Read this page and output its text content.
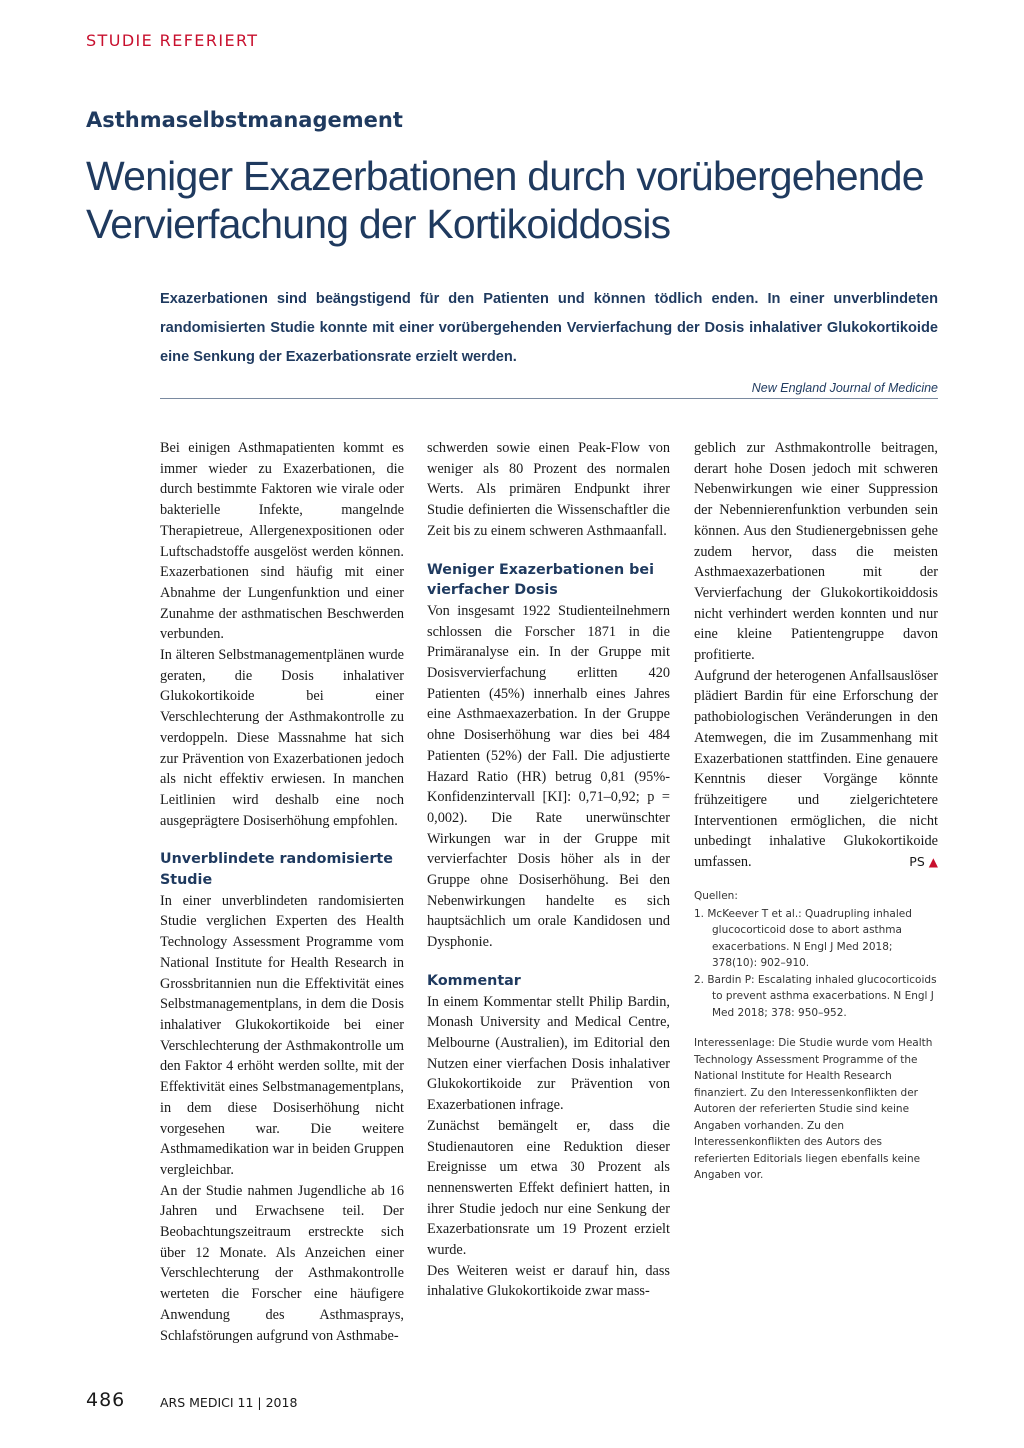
STUDIE REFERIERT
Asthmaselbstmanagement
Weniger Exazerbationen durch vorübergehende Vervierfachung der Kortikoiddosis
Exazerbationen sind beängstigend für den Patienten und können tödlich enden. In einer unverblindeten randomisierten Studie konnte mit einer vorübergehenden Vervierfachung der Dosis inhalativer Glukokortikoide eine Senkung der Exazerbationsrate erzielt werden.
New England Journal of Medicine

Bei einigen Asthmapatienten kommt es immer wieder zu Exazerbationen, die durch bestimmte Faktoren wie virale oder bakterielle Infekte, mangelnde Therapietreue, Allergenexpositionen oder Luftschadstoffe ausgelöst werden können. Exazerbationen sind häufig mit einer Abnahme der Lungenfunktion und einer Zunahme der asthmatischen Beschwerden verbunden.

In älteren Selbstmanagementplänen wurde geraten, die Dosis inhalativer Glukokortikoide bei einer Verschlechterung der Asthmakontrolle zu verdoppeln. Diese Massnahme hat sich zur Prävention von Exazerbationen jedoch als nicht effektiv erwiesen. In manchen Leitlinien wird deshalb eine noch ausgeprägtere Dosiserhöhung empfohlen.

Unverblindete randomisierte Studie

In einer unverblindeten randomisierten Studie verglichen Experten des Health Technology Assessment Programme vom National Institute for Health Research in Grossbritannien nun die Effektivität eines Selbstmanagementplans, in dem die Dosis inhalativer Glukokortikoide bei einer Verschlechterung der Asthmakontrolle um den Faktor 4 erhöht werden sollte, mit der Effektivität eines Selbstmanagementplans, in dem diese Dosiserhöhung nicht vorgesehen war. Die weitere Asthmamedikation war in beiden Gruppen vergleichbar.

An der Studie nahmen Jugendliche ab 16 Jahren und Erwachsene teil. Der Beobachtungszeitraum erstreckte sich über 12 Monate. Als Anzeichen einer Verschlechterung der Asthmakontrolle werteten die Forscher eine häufigere Anwendung des Asthmasprays, Schlafstörungen aufgrund von Asthmabe-

schwerden sowie einen Peak-Flow von weniger als 80 Prozent des normalen Werts. Als primären Endpunkt ihrer Studie definierten die Wissenschaftler die Zeit bis zu einem schweren Asthmaanfall.

Weniger Exazerbationen bei vierfacher Dosis

Von insgesamt 1922 Studienteilnehmern schlossen die Forscher 1871 in die Primäranalyse ein. In der Gruppe mit Dosisvervierfachung erlitten 420 Patienten (45%) innerhalb eines Jahres eine Asthmaexazerbation. In der Gruppe ohne Dosiserhöhung war dies bei 484 Patienten (52%) der Fall. Die adjustierte Hazard Ratio (HR) betrug 0,81 (95%-Konfidenzintervall [KI]: 0,71–0,92; p = 0,002). Die Rate unerwünschter Wirkungen war in der Gruppe mit vervierfachter Dosis höher als in der Gruppe ohne Dosiserhöhung. Bei den Nebenwirkungen handelte es sich hauptsächlich um orale Kandidosen und Dysphonie.

Kommentar

In einem Kommentar stellt Philip Bardin, Monash University and Medical Centre, Melbourne (Australien), im Editorial den Nutzen einer vierfachen Dosis inhalativer Glukokortikoide zur Prävention von Exazerbationen infrage.

Zunächst bemängelt er, dass die Studienautoren eine Reduktion dieser Ereignisse um etwa 30 Prozent als nennenswerten Effekt definiert hatten, in ihrer Studie jedoch nur eine Senkung der Exazerbationsrate um 19 Prozent erzielt wurde.

Des Weiteren weist er darauf hin, dass inhalative Glukokortikoide zwar mass-

geblich zur Asthmakontrolle beitragen, derart hohe Dosen jedoch mit schweren Nebenwirkungen wie einer Suppression der Nebennierenfunktion verbunden sein können. Aus den Studienergebnissen gehe zudem hervor, dass die meisten Asthmaexazerbationen mit der Vervierfachung der Glukokortikoiddosis nicht verhindert werden konnten und nur eine kleine Patientengruppe davon profitierte.

Aufgrund der heterogenen Anfallsauslöser plädiert Bardin für eine Erforschung der pathobiologischen Veränderungen in den Atemwegen, die im Zusammenhang mit Exazerbationen stattfinden. Eine genauere Kenntnis dieser Vorgänge könnte frühzeitigere und zielgerichtetere Interventionen ermöglichen, die nicht unbedingt inhalative Glukokortikoide umfassen.	PS ▲

Quellen:
1. McKeever T et al.: Quadrupling inhaled glucocorticoid dose to abort asthma exacerbations. N Engl J Med 2018; 378(10): 902–910.
2. Bardin P: Escalating inhaled glucocorticoids to prevent asthma exacerbations. N Engl J Med 2018; 378: 950–952.
Interessenlage: Die Studie wurde vom Health Technology Assessment Programme of the National Institute for Health Research finanziert. Zu den Interessenkonflikten der Autoren der referierten Studie sind keine Angaben vorhanden. Zu den Interessenkonflikten des Autors des referierten Editorials liegen ebenfalls keine Angaben vor.
486	ARS MEDICI 11 | 2018
